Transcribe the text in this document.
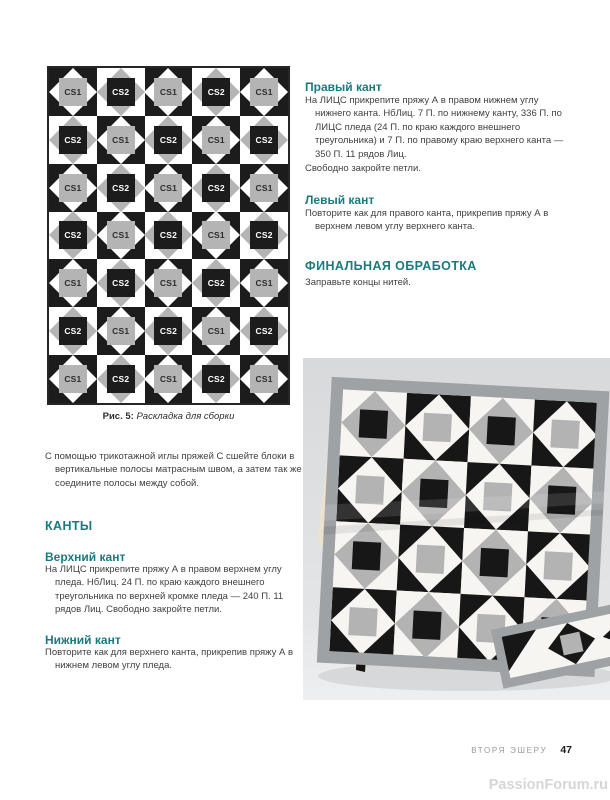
CS1	CS2	CS1	CS2	CS1
CS2	CS1	CS2	CS1	CS2
CS1	CS2	CS1	CS2	CS1
CS2	CS1	CS2	CS1	CS2
CS1	CS2	CS1	CS2	CS1
CS2	CS1	CS2	CS1	CS2
CS1	CS2	CS1	CS2	CS1
Рис. 5: Раскладка для сборки

С помощью трикотажной иглы пряжей С сшейте блоки в вертикальные полосы матрасным швом, а затем так же соедините полосы между собой.

КАНТЫ
Верхний кант

На ЛИЦС прикрепите пряжу А в правом верхнем углу пледа. НбЛиц. 24 П. по краю каждого внешнего треугольника по верхней кромке пледа — 240 П. 11 рядов Лиц. Свободно закройте петли.

Нижний кант

Повторите как для верхнего канта, прикрепив пряжу А в нижнем левом углу пледа.

Правый кант

На ЛИЦС прикрепите пряжу А в правом нижнем углу нижнего канта. НбЛиц. 7 П. по нижнему канту, 336 П. по ЛИЦС пледа (24 П. по краю каждого внешнего треугольника) и 7 П. по правому краю верхнего канта — 350 П. 11 рядов Лиц.

Свободно закройте петли.

Левый кант

Повторите как для правого канта, прикрепив пряжу А в верхнем левом углу верхнего канта.

ФИНАЛЬНАЯ ОБРАБОТКА

Заправьте концы нитей.

ВТОРЯ ЭШЕРУ 47
PassionForum.ru
